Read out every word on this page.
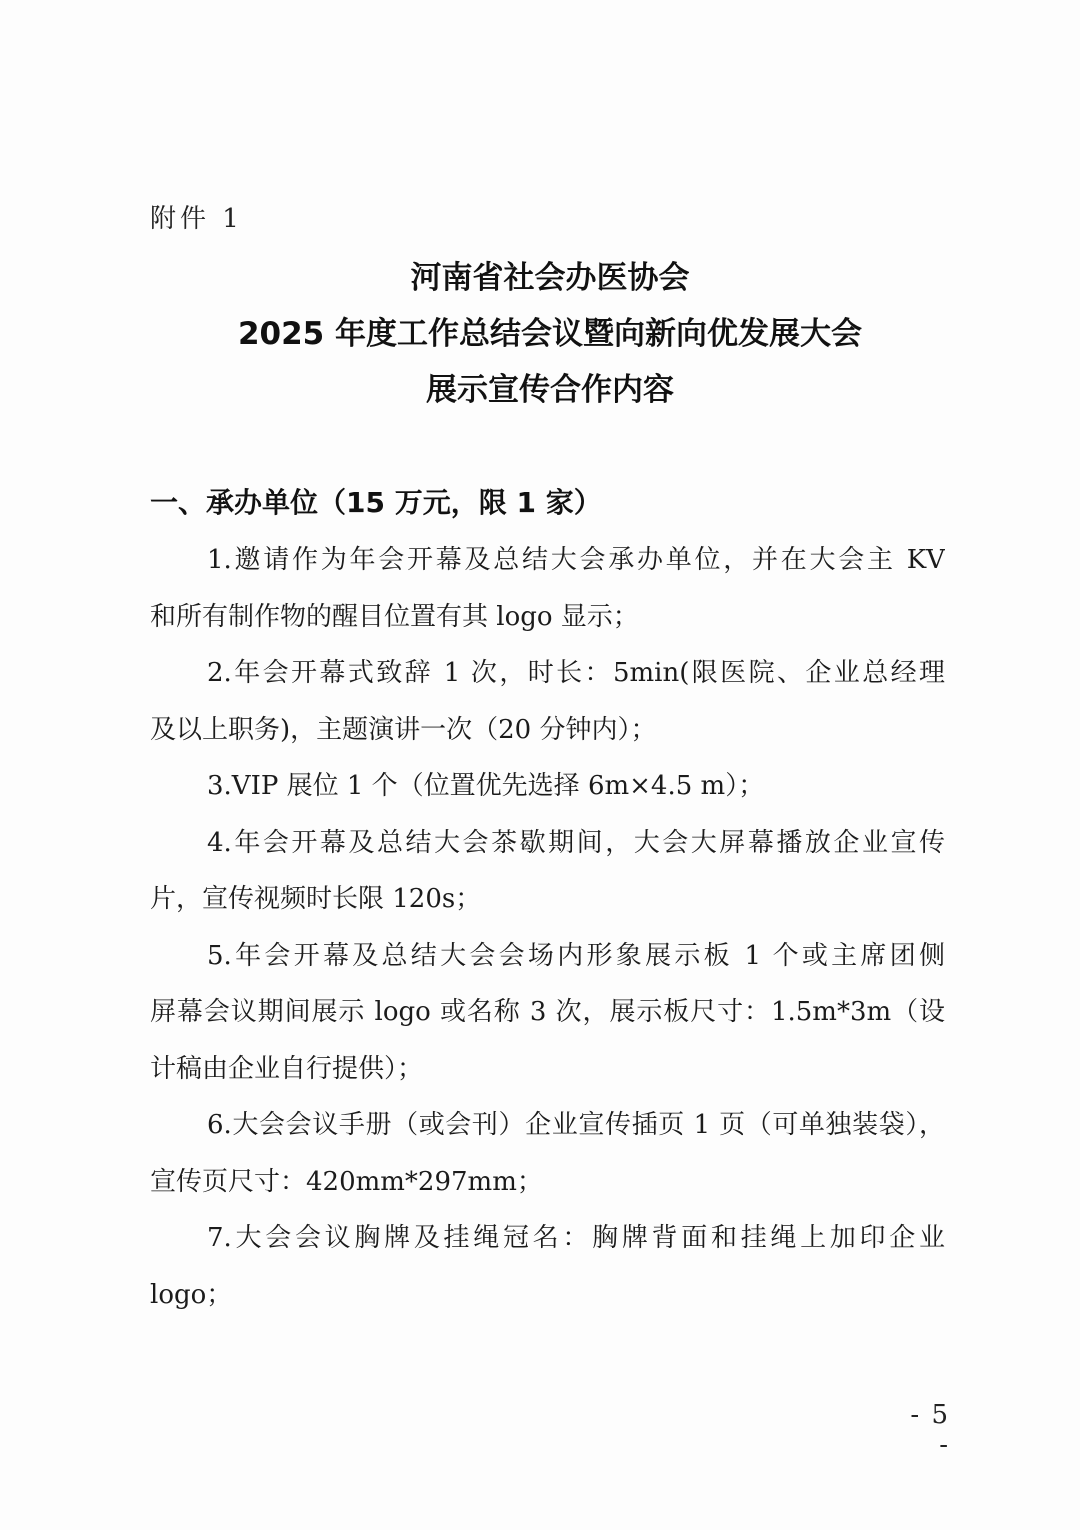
附件 1
河南省社会办医协会
2025 年度工作总结会议暨向新向优发展大会
展示宣传合作内容
一、承办单位（15 万元，限 1 家）
1.邀请作为年会开幕及总结大会承办单位，并在大会主 KV
和所有制作物的醒目位置有其 logo 显示；
2.年会开幕式致辞 1 次，时长：5min(限医院、企业总经理
及以上职务)，主题演讲一次（20 分钟内）；
3.VIP 展位 1 个（位置优先选择 6m×4.5 m）；
4.年会开幕及总结大会茶歇期间，大会大屏幕播放企业宣传
片，宣传视频时长限 120s；
5.年会开幕及总结大会会场内形象展示板 1 个或主席团侧
屏幕会议期间展示 logo 或名称 3 次，展示板尺寸：1.5m*3m（设
计稿由企业自行提供）；
6.大会会议手册（或会刊）企业宣传插页 1 页（可单独装袋），
宣传页尺寸：420mm*297mm；
7.大会会议胸牌及挂绳冠名：胸牌背面和挂绳上加印企业
logo；
- 5 -
